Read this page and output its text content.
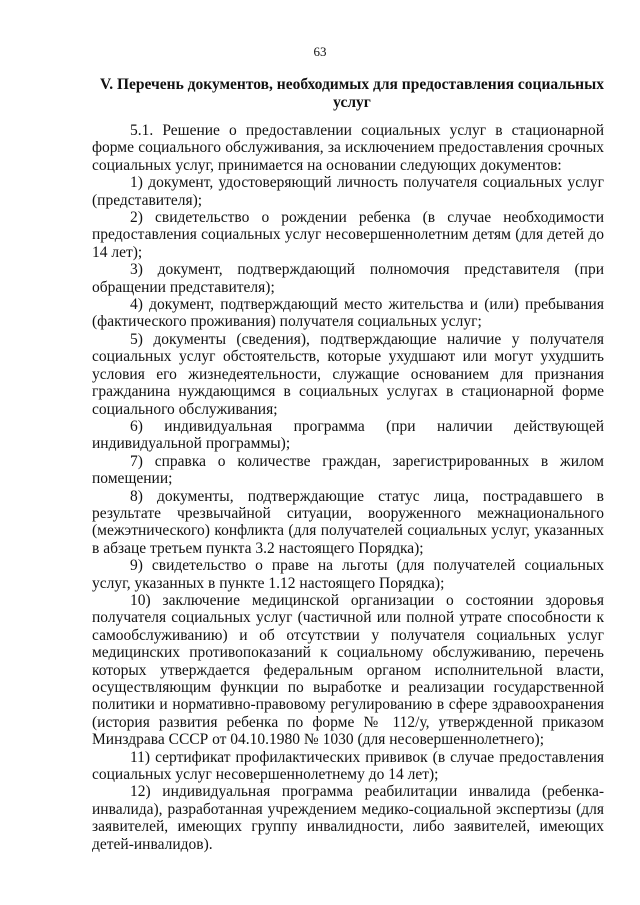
63
V. Перечень документов, необходимых для предоставления социальных услуг

5.1. Решение о предоставлении социальных услуг в стационарной форме социального обслуживания, за исключением предоставления срочных социальных услуг, принимается на основании следующих документов:

1) документ, удостоверяющий личность получателя социальных услуг (представителя);

2) свидетельство о рождении ребенка (в случае необходимости предоставления социальных услуг несовершеннолетним детям (для детей до 14 лет);

3) документ, подтверждающий полномочия представителя (при обращении представителя);

4) документ, подтверждающий место жительства и (или) пребывания (фактического проживания) получателя социальных услуг;

5) документы (сведения), подтверждающие наличие у получателя социальных услуг обстоятельств, которые ухудшают или могут ухудшить условия его жизнедеятельности, служащие основанием для признания гражданина нуждающимся в социальных услугах в стационарной форме социального обслуживания;

6) индивидуальная программа (при наличии действующей индивидуальной программы);

7) справка о количестве граждан, зарегистрированных в жилом помещении;

8) документы, подтверждающие статус лица, пострадавшего в результате чрезвычайной ситуации, вооруженного межнационального (межэтнического) конфликта (для получателей социальных услуг, указанных в абзаце третьем пункта 3.2 настоящего Порядка);

9) свидетельство о праве на льготы (для получателей социальных услуг, указанных в пункте 1.12 настоящего Порядка);

10) заключение медицинской организации о состоянии здоровья получателя социальных услуг (частичной или полной утрате способности к самообслуживанию) и об отсутствии у получателя социальных услуг медицинских противопоказаний к социальному обслуживанию, перечень которых утверждается федеральным органом исполнительной власти, осуществляющим функции по выработке и реализации государственной политики и нормативно-правовому регулированию в сфере здравоохранения (история развития ребенка по форме № 112/у, утвержденной приказом Минздрава СССР от 04.10.1980 № 1030 (для несовершеннолетнего);

11) сертификат профилактических прививок (в случае предоставления социальных услуг несовершеннолетнему до 14 лет);

12) индивидуальная программа реабилитации инвалида (ребенка-инвалида), разработанная учреждением медико-социальной экспертизы (для заявителей, имеющих группу инвалидности, либо заявителей, имеющих детей-инвалидов).
